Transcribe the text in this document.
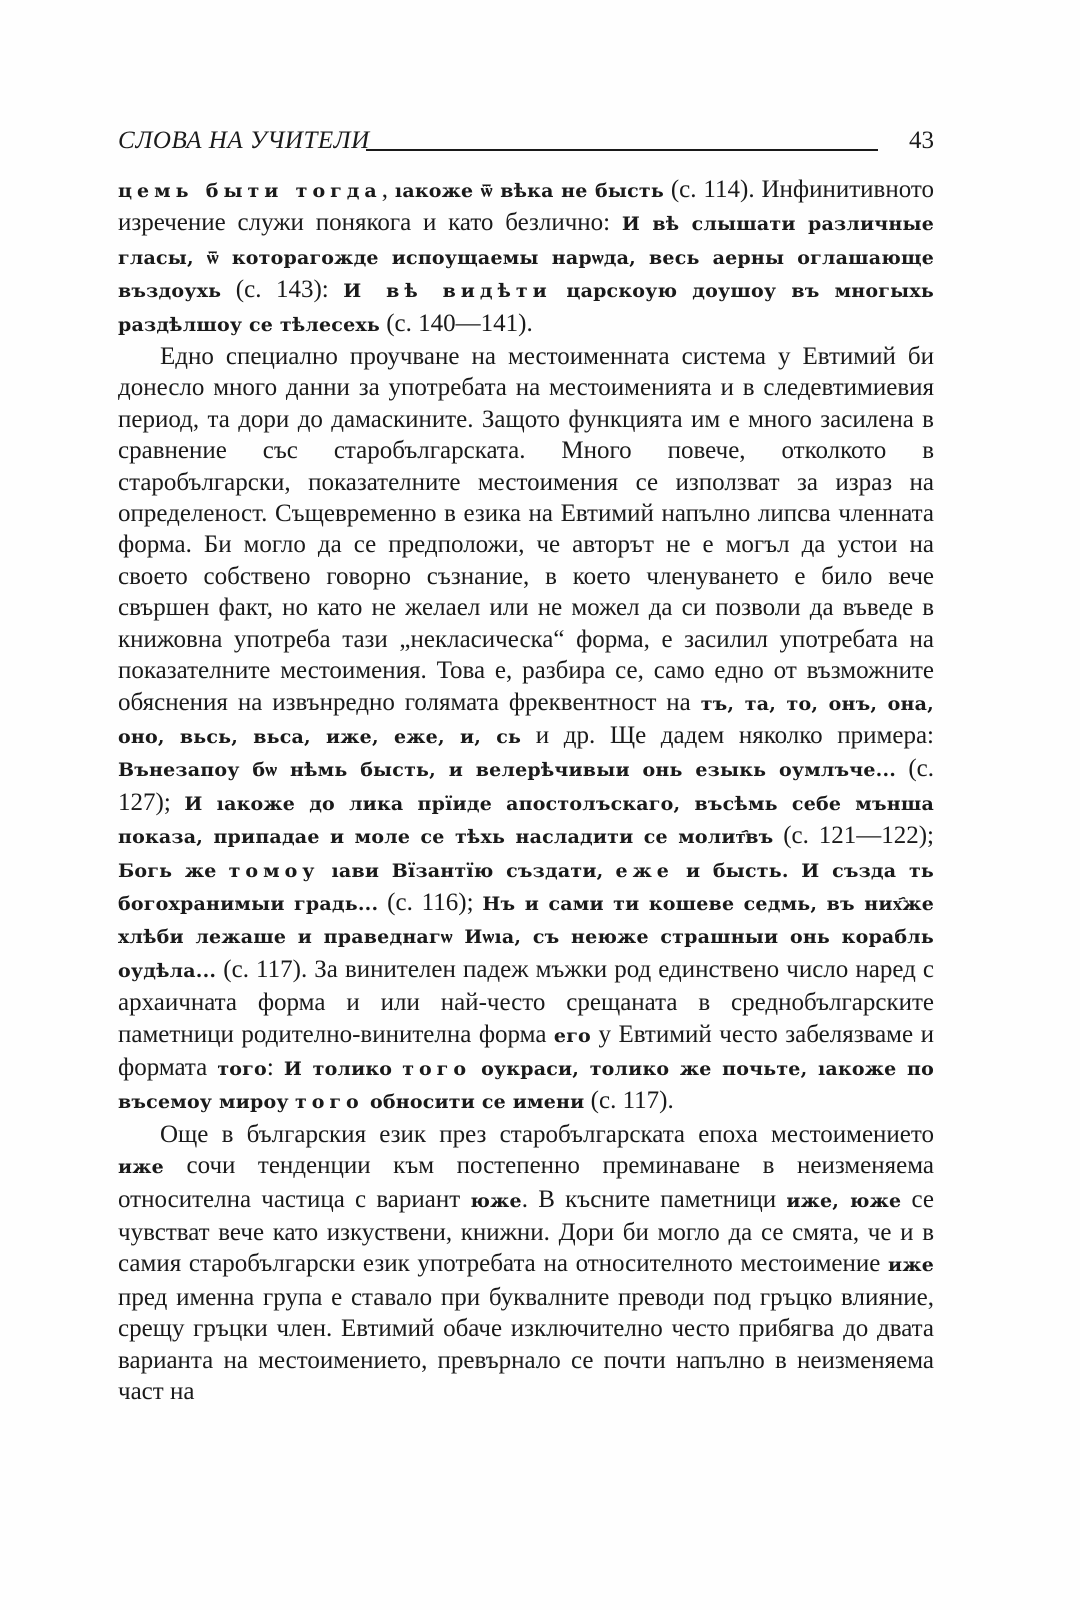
СЛОВА НА УЧИТЕЛИ	43

цемь быти тогда, ıакоже ѿ вѣка не бысть (с. 114). Инфинитивното изречение служи понякога и като безлично: И вѣ слышати различные гласы, ѿ которагожде испоущаемы нарѡда, весь аерны оглашающе въздоухь (с. 143): И вѣ видѣти царскоую доушоу въ многыхь раздѣлшоу се тѣлесехь (с. 140—141).

Едно специално проучване на местоименната система у Евтимий би донесло много данни за употребата на местоименията и в следевтимиевия период, та дори до дамаскините. Защото функцията им е много засилена в сравнение със старобългарската. Много повече, отколкото в старобългарски, показателните местоимения се използват за израз на определеност. Същевременно в езика на Евтимий напълно липсва членната форма. Би могло да се предположи, че авторът не е могъл да устои на своето собствено говорно съзнание, в което членуването е било вече свършен факт, но като не желаел или не можел да си позволи да въведе в книжовна употреба тази „некласическа“ форма, е засилил употребата на показателните местоимения. Това е, разбира се, само едно от възможните обяснения на извънредно голямата фреквентност на тъ, та, то, онъ, она, оно, вьсь, вьса, иже, еже, и, сь и др. Ще дадем няколко примера: Вънезапоу бѡ нѣмь бысть, и велерѣчивыи онь езыкь оумлъче... (с. 127); И ıакоже до лика прїиде апостолъскаго, въсѣмь себе мънша показа, припадае и моле се тѣхь насладити се молит҄въ (с. 121—122); Богь же томоу ıави Вїзантїю създати, еже и бысть. И създа ть богохранимыи градь... (с. 116); Нъ и сами ти кошеве седмь, въ них҄же хлѣби лежаше и праведнагѡ Иѡıа, съ неюже страшныи онь корабль оудѣла... (с. 117). За винителен падеж мъжки род единствено число наред с архаичната форма и или най-често срещаната в среднобългарските паметници родително-винителна форма его у Евтимий често забелязваме и формата того: И толико того оукраси, толико же почьте, ıакоже по въсемоу мироу того обносити се имени (с. 117).

Още в българския език през старобългарската епоха местоимението иже сочи тенденции към постепенно преминаване в неизменяема относителна частица с вариант юже. В късните паметници иже, юже се чувстват вече като изкуствени, книжни. Дори би могло да се смята, че и в самия старобългарски език употребата на относителното местоимение иже пред именна група е ставало при буквалните преводи под гръцко влияние, срещу гръцки член. Евтимий обаче изключително често прибягва до двата варианта на местоимението, превърнало се почти напълно в неизменяема част на
